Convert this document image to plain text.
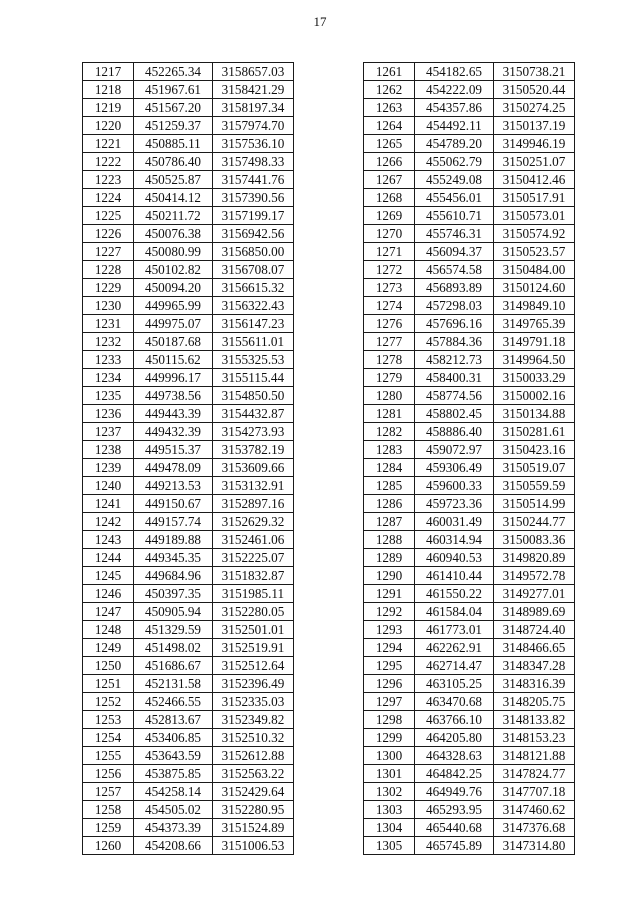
17
1217	452265.34	3158657.03
1218	451967.61	3158421.29
1219	451567.20	3158197.34
1220	451259.37	3157974.70
1221	450885.11	3157536.10
1222	450786.40	3157498.33
1223	450525.87	3157441.76
1224	450414.12	3157390.56
1225	450211.72	3157199.17
1226	450076.38	3156942.56
1227	450080.99	3156850.00
1228	450102.82	3156708.07
1229	450094.20	3156615.32
1230	449965.99	3156322.43
1231	449975.07	3156147.23
1232	450187.68	3155611.01
1233	450115.62	3155325.53
1234	449996.17	3155115.44
1235	449738.56	3154850.50
1236	449443.39	3154432.87
1237	449432.39	3154273.93
1238	449515.37	3153782.19
1239	449478.09	3153609.66
1240	449213.53	3153132.91
1241	449150.67	3152897.16
1242	449157.74	3152629.32
1243	449189.88	3152461.06
1244	449345.35	3152225.07
1245	449684.96	3151832.87
1246	450397.35	3151985.11
1247	450905.94	3152280.05
1248	451329.59	3152501.01
1249	451498.02	3152519.91
1250	451686.67	3152512.64
1251	452131.58	3152396.49
1252	452466.55	3152335.03
1253	452813.67	3152349.82
1254	453406.85	3152510.32
1255	453643.59	3152612.88
1256	453875.85	3152563.22
1257	454258.14	3152429.64
1258	454505.02	3152280.95
1259	454373.39	3151524.89
1260	454208.66	3151006.53
1261	454182.65	3150738.21
1262	454222.09	3150520.44
1263	454357.86	3150274.25
1264	454492.11	3150137.19
1265	454789.20	3149946.19
1266	455062.79	3150251.07
1267	455249.08	3150412.46
1268	455456.01	3150517.91
1269	455610.71	3150573.01
1270	455746.31	3150574.92
1271	456094.37	3150523.57
1272	456574.58	3150484.00
1273	456893.89	3150124.60
1274	457298.03	3149849.10
1276	457696.16	3149765.39
1277	457884.36	3149791.18
1278	458212.73	3149964.50
1279	458400.31	3150033.29
1280	458774.56	3150002.16
1281	458802.45	3150134.88
1282	458886.40	3150281.61
1283	459072.97	3150423.16
1284	459306.49	3150519.07
1285	459600.33	3150559.59
1286	459723.36	3150514.99
1287	460031.49	3150244.77
1288	460314.94	3150083.36
1289	460940.53	3149820.89
1290	461410.44	3149572.78
1291	461550.22	3149277.01
1292	461584.04	3148989.69
1293	461773.01	3148724.40
1294	462262.91	3148466.65
1295	462714.47	3148347.28
1296	463105.25	3148316.39
1297	463470.68	3148205.75
1298	463766.10	3148133.82
1299	464205.80	3148153.23
1300	464328.63	3148121.88
1301	464842.25	3147824.77
1302	464949.76	3147707.18
1303	465293.95	3147460.62
1304	465440.68	3147376.68
1305	465745.89	3147314.80
